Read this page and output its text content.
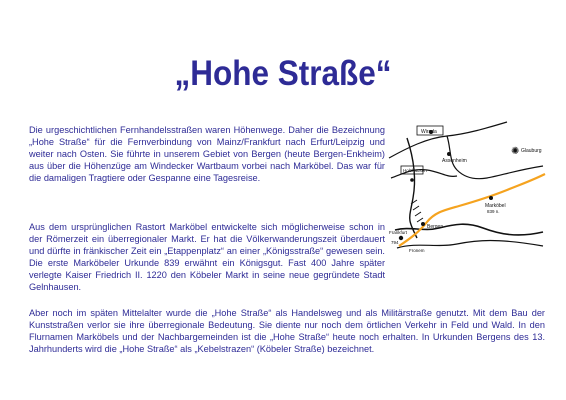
„Hohe Straße“

Die urgeschichtlichen Fernhandelsstraßen waren Höhenwege. Daher die Bezeichnung „Hohe Straße“ für die Fernverbindung von Mainz/Frankfurt nach Erfurt/Leipzig und weiter nach Osten. Sie führte in unserem Gebiet von Bergen (heute Bergen-Enkheim) aus über die Höhenzüge am Windecker Wartbaum vorbei nach Marköbel. Das war für die damaligen Tragtiere oder Gespanne eine Tagesreise.

Aus dem ursprünglichen Rastort Marköbel entwickelte sich möglicherweise schon in der Römerzeit ein überregionaler Markt. Er hat die Völkerwanderungszeit überdauert und dürfte in fränkischer Zeit ein „Etappenplatz“ an einer „Königsstraße“ gewesen sein. Die erste Marköbeler Urkunde 839 erwähnt ein Königsgut. Fast 400 Jahre später verlegte Kaiser Friedrich II. 1220 den Köbeler Markt in seine neue gegründete Stadt Gelnhausen.

Aber noch im späten Mittelalter wurde die „Hohe Straße“ als Handelsweg und als Militärstraße genutzt. Mit dem Bau der Kunststraßen verlor sie ihre überregionale Bedeutung. Sie diente nur noch dem örtlichen Verkehr in Feld und Wald. In den Flurnamen Marköbels und der Nachbargemeinden ist die „Hohe Straße“ heute noch erhalten. In Urkunden Bergens des 13. Jahrhunderts wird die „Hohe Straße“ als „Kebelstrazen“ (Köbeler Straße) bezeichnet.

Wirada
✺ Glauburg
Assenheim
Holzhausen
Marköbel
839 n.
Bergen
Frankfurt
794
Fronem
